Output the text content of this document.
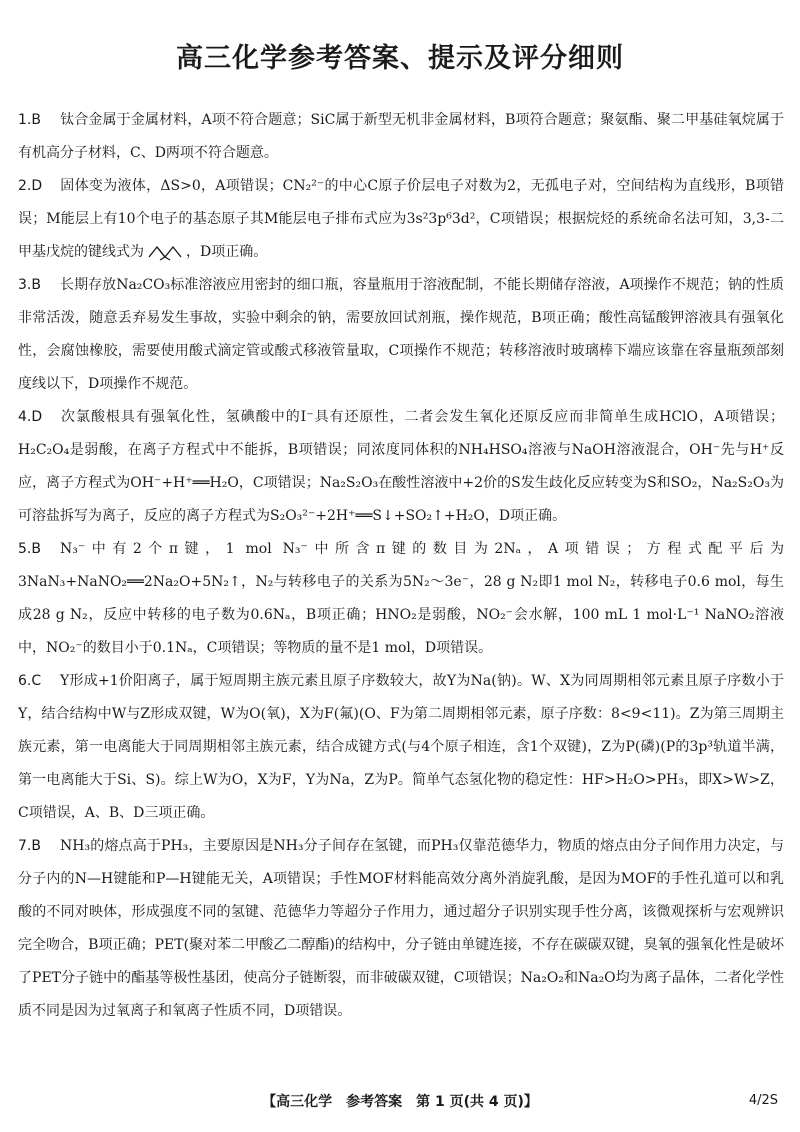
高三化学参考答案、提示及评分细则

1.B 钛合金属于金属材料，A项不符合题意；SiC属于新型无机非金属材料，B项符合题意；聚氨酯、聚二甲基硅氧烷属于有机高分子材料，C、D两项不符合题意。

2.D 固体变为液体，ΔS>0，A项错误；CN₂²⁻的中心C原子价层电子对数为2，无孤电子对，空间结构为直线形，B项错误；M能层上有10个电子的基态原子其M能层电子排布式应为3s²3p⁶3d²，C项错误；根据烷烃的系统命名法可知，3,3-二甲基戊烷的键线式为	，D项正确。

3.B 长期存放Na₂CO₃标准溶液应用密封的细口瓶，容量瓶用于溶液配制，不能长期储存溶液，A项操作不规范；钠的性质非常活泼，随意丢弃易发生事故，实验中剩余的钠，需要放回试剂瓶，操作规范，B项正确；酸性高锰酸钾溶液具有强氧化性，会腐蚀橡胶，需要使用酸式滴定管或酸式移液管量取，C项操作不规范；转移溶液时玻璃棒下端应该靠在容量瓶颈部刻度线以下，D项操作不规范。

4.D 次氯酸根具有强氧化性，氢碘酸中的I⁻具有还原性，二者会发生氧化还原反应而非简单生成HClO，A项错误；H₂C₂O₄是弱酸，在离子方程式中不能拆，B项错误；同浓度同体积的NH₄HSO₄溶液与NaOH溶液混合，OH⁻先与H⁺反应，离子方程式为OH⁻+H⁺══H₂O，C项错误；Na₂S₂O₃在酸性溶液中+2价的S发生歧化反应转变为S和SO₂，Na₂S₂O₃为可溶盐拆写为离子，反应的离子方程式为S₂O₃²⁻+2H⁺══S↓+SO₂↑+H₂O，D项正确。

5.B N₃⁻中有2个π键，1 mol N₃⁻中所含π键的数目为2Nₐ，A项错误；方程式配平后为3NaN₃+NaNO₂══2Na₂O+5N₂↑，N₂与转移电子的关系为5N₂～3e⁻，28 g N₂即1 mol N₂，转移电子0.6 mol，每生成28 g N₂，反应中转移的电子数为0.6Nₐ，B项正确；HNO₂是弱酸，NO₂⁻会水解，100 mL 1 mol·L⁻¹ NaNO₂溶液中，NO₂⁻的数目小于0.1Nₐ，C项错误；等物质的量不是1 mol，D项错误。

6.C Y形成+1价阳离子，属于短周期主族元素且原子序数较大，故Y为Na(钠)。W、X为同周期相邻元素且原子序数小于Y，结合结构中W与Z形成双键，W为O(氧)，X为F(氟)(O、F为第二周期相邻元素，原子序数：8<9<11)。Z为第三周期主族元素，第一电离能大于同周期相邻主族元素，结合成键方式(与4个原子相连，含1个双键)，Z为P(磷)(P的3p³轨道半满，第一电离能大于Si、S)。综上W为O，X为F，Y为Na，Z为P。简单气态氢化物的稳定性：HF>H₂O>PH₃，即X>W>Z，C项错误，A、B、D三项正确。

7.B NH₃的熔点高于PH₃，主要原因是NH₃分子间存在氢键，而PH₃仅靠范德华力，物质的熔点由分子间作用力决定，与分子内的N—H键能和P—H键能无关，A项错误；手性MOF材料能高效分离外消旋乳酸，是因为MOF的手性孔道可以和乳酸的不同对映体，形成强度不同的氢键、范德华力等超分子作用力，通过超分子识别实现手性分离，该微观探析与宏观辨识完全吻合，B项正确；PET(聚对苯二甲酸乙二醇酯)的结构中，分子链由单键连接，不存在碳碳双键，臭氧的强氧化性是破坏了PET分子链中的酯基等极性基团，使高分子链断裂，而非破碳双键，C项错误；Na₂O₂和Na₂O均为离子晶体，二者化学性质不同是因为过氧离子和氧离子性质不同，D项错误。

【高三化学　参考答案　第 1 页(共 4 页)】	4/2S
